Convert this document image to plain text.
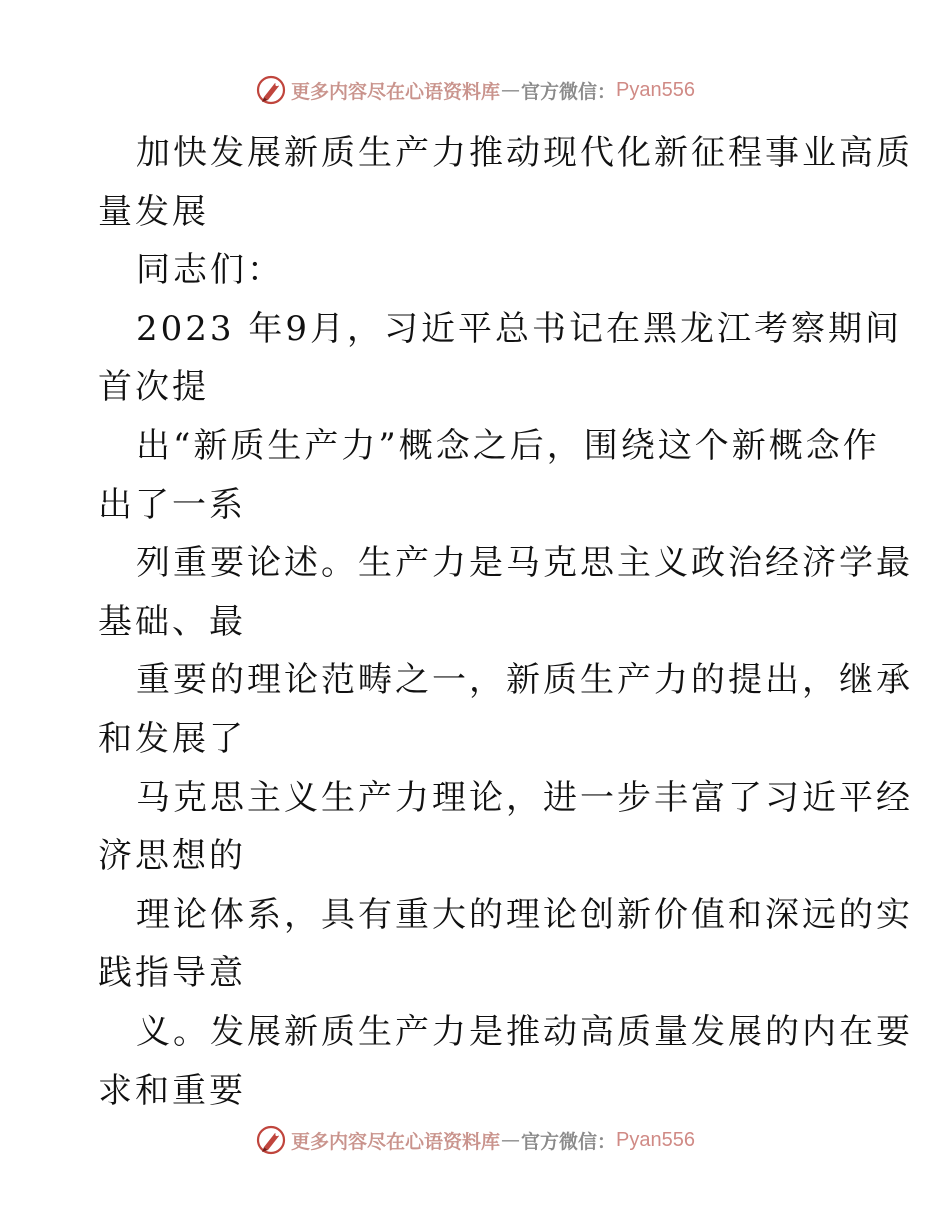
更多内容尽在心语资料库 — 官方微信： Pyan556
加快发展新质生产力推动现代化新征程事业高质
量发展
同志们：
2023 年9月，习近平总书记在黑龙江考察期间
首次提
出“新质生产力”概念之后，围绕这个新概念作
出了一系
列重要论述。生产力是马克思主义政治经济学最
基础、最
重要的理论范畴之一，新质生产力的提出，继承
和发展了
马克思主义生产力理论，进一步丰富了习近平经
济思想的
理论体系，具有重大的理论创新价值和深远的实
践指导意
义。发展新质生产力是推动高质量发展的内在要
求和重要
更多内容尽在心语资料库 — 官方微信： Pyan556
